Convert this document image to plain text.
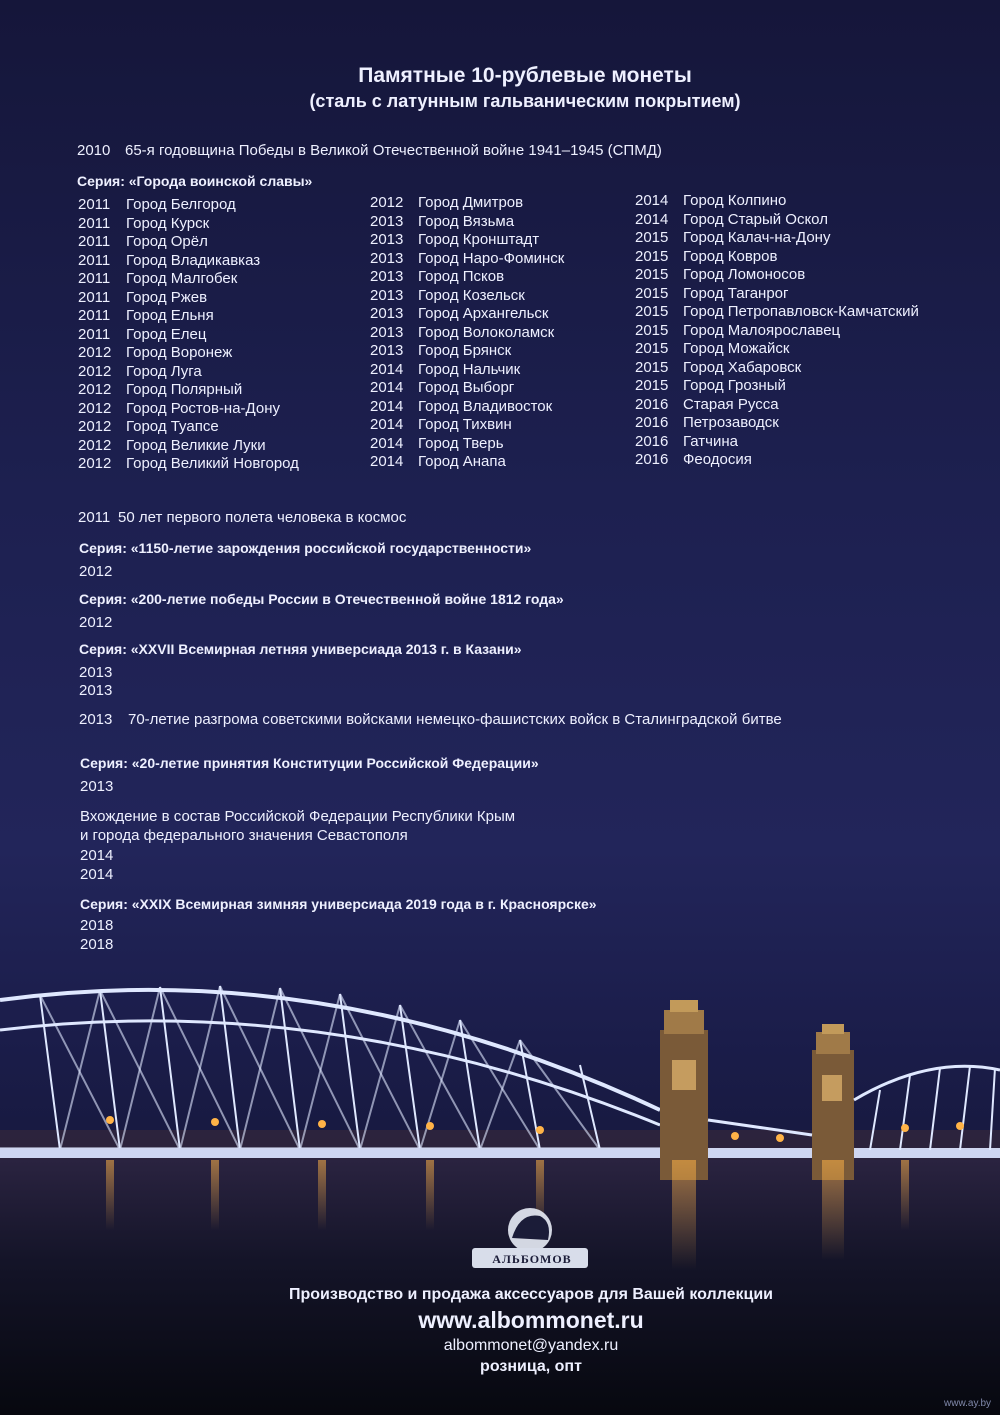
Памятные 10-рублевые монеты
(сталь с латунным гальваническим покрытием)
2010 65-я годовщина Победы в Великой Отечественной войне 1941–1945 (СПМД)
Серия: «Города воинской славы»
2011 Город Белгород
2011 Город Курск
2011 Город Орёл
2011 Город Владикавказ
2011 Город Малгобек
2011 Город Ржев
2011 Город Ельня
2011 Город Елец
2012 Город Воронеж
2012 Город Луга
2012 Город Полярный
2012 Город Ростов-на-Дону
2012 Город Туапсе
2012 Город Великие Луки
2012 Город Великий Новгород
2012 Город Дмитров
2013 Город Вязьма
2013 Город Кронштадт
2013 Город Наро-Фоминск
2013 Город Псков
2013 Город Козельск
2013 Город Архангельск
2013 Город Волоколамск
2013 Город Брянск
2014 Город Нальчик
2014 Город Выборг
2014 Город Владивосток
2014 Город Тихвин
2014 Город Тверь
2014 Город Анапа
2014 Город Колпино
2014 Город Старый Оскол
2015 Город Калач-на-Дону
2015 Город Ковров
2015 Город Ломоносов
2015 Город Таганрог
2015 Город Петропавловск-Камчатский
2015 Город Малоярославец
2015 Город Можайск
2015 Город Хабаровск
2015 Город Грозный
2016 Старая Русса
2016 Петрозаводск
2016 Гатчина
2016 Феодосия
2011 50 лет первого полета человека в космос
Серия: «1150-летие зарождения российской государственности»
2012
Серия: «200-летие победы России в Отечественной войне 1812 года»
2012
Серия: «XXVII Всемирная летняя универсиада 2013 г. в Казани»
2013
2013
2013 70-летие разгрома советскими войсками немецко-фашистских войск в Сталинградской битве
Серия: «20-летие принятия Конституции Российской Федерации»
2013
Вхождение в состав Российской Федерации Республики Крым
и города федерального значения Севастополя
2014
2014
Серия: «XXIX Всемирная зимняя универсиада 2019 года в г. Красноярске»
2018
2018
АЛЬБОМОВ
Производство и продажа аксессуаров для Вашей коллекции
www.albommonet.ru
albommonet@yandex.ru
розница, опт
www.ay.by
